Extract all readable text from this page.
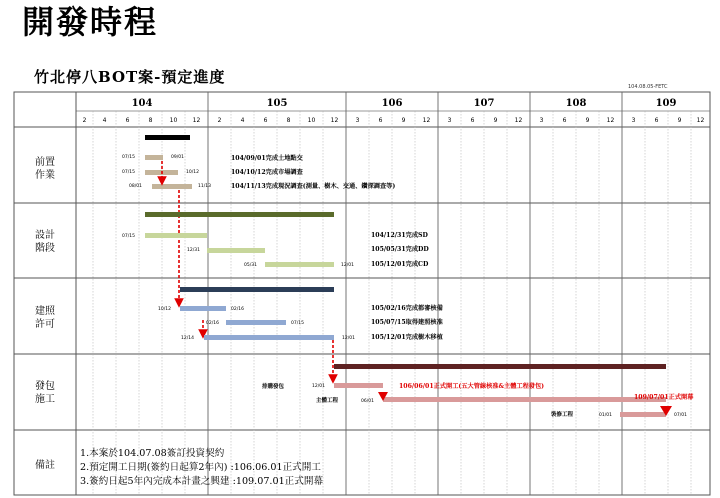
開發時程
竹北停八BOT案-預定進度
104.08.05-FETC
104	105	106	107	108	109
2	4	6	8	10	12	2	4	6	8	10	12	3	6	9	12	3	6	9	12	3	6	9	12	3	6	9	12
前置作業
設計階段
建照許可
發包施工
備註
07/15	09/01
07/15	10/12
08/01	11/13
104/09/01完成土地點交
104/10/12完成市場調查
104/11/13完成現況調查(測量、樹木、交通、鑽探調查等)
07/15
12/31
05/31	12/01
104/12/31完成SD
105/05/31完成DD
105/12/01完成CD
10/12	02/16
02/16	07/15
12/14	12/01
105/02/16完成都審核備
105/07/15取得建照核准
105/12/01完成樹木移植
排購發包	12/01	106/06/01正式開工(五大管線核准&主體工程發包)
主體工程	06/01
109/07/01正式開幕
裝修工程	01/01	07/01
1.本案於104.07.08簽訂投資契約
2.預定開工日期(簽約日起算2年內) :106.06.01正式開工
3.簽約日起5年內完成本計畫之興建 :109.07.01正式開幕
